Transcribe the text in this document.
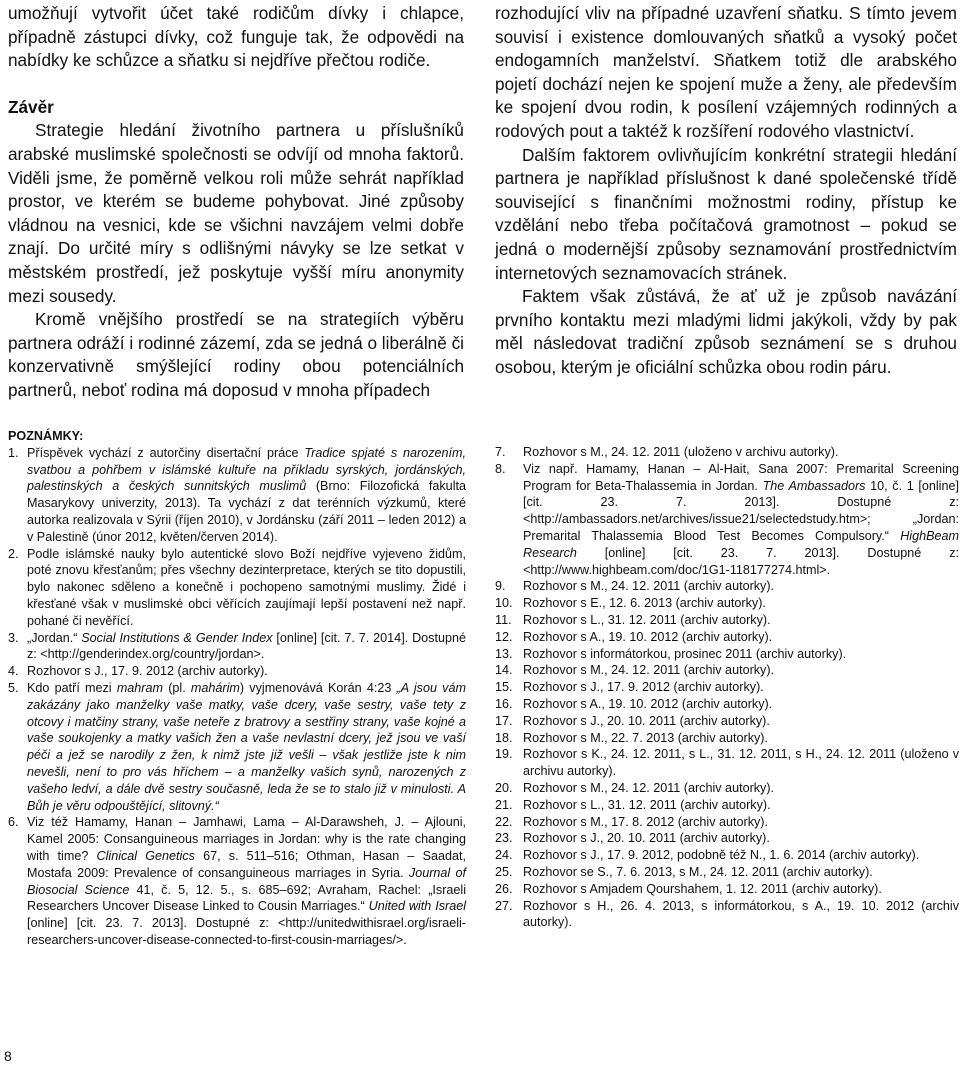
umožňují vytvořit účet také rodičům dívky i chlapce, případně zástupci dívky, což funguje tak, že odpovědi na nabídky ke schůzce a sňatku si nejdříve přečtou rodiče.

Závěr

Strategie hledání životního partnera u příslušníků arabské muslimské společnosti se odvíjí od mnoha faktorů. Viděli jsme, že poměrně velkou roli může sehrát například prostor, ve kterém se budeme pohybovat. Jiné způsoby vládnou na vesnici, kde se všichni navzájem velmi dobře znají. Do určité míry s odlišnými návyky se lze setkat v městském prostředí, jež poskytuje vyšší míru anonymity mezi sousedy.

Kromě vnějšího prostředí se na strategiích výběru partnera odráží i rodinné zázemí, zda se jedná o liberálně či konzervativně smýšlející rodiny obou potenciálních partnerů, neboť rodina má doposud v mnoha případech

rozhodující vliv na případné uzavření sňatku. S tímto jevem souvisí i existence domlouvaných sňatků a vysoký počet endogamních manželství. Sňatkem totiž dle arabského pojetí dochází nejen ke spojení muže a ženy, ale především ke spojení dvou rodin, k posílení vzájemných rodinných a rodových pout a taktéž k rozšíření rodového vlastnictví.

Dalším faktorem ovlivňujícím konkrétní strategii hledání partnera je například příslušnost k dané společenské třídě související s finančními možnostmi rodiny, přístup ke vzdělání nebo třeba počítačová gramotnost – pokud se jedná o modernější způsoby seznamování prostřednictvím internetových seznamovacích stránek.

Faktem však zůstává, že ať už je způsob navázání prvního kontaktu mezi mladými lidmi jakýkoli, vždy by pak měl následovat tradiční způsob seznámení se s druhou osobou, kterým je oficiální schůzka obou rodin páru.

POZNÁMKY:

1. Příspěvek vychází z autorčiny disertační práce Tradice spjaté s narozením, svatbou a pohřbem v islámské kultuře na příkladu syrských, jordánských, palestinských a českých sunnitských muslimů (Brno: Filozofická fakulta Masarykovy univerzity, 2013). Ta vychází z dat terénních výzkumů, které autorka realizovala v Sýrii (říjen 2010), v Jordánsku (září 2011 – leden 2012) a v Palestině (únor 2012, květen/červen 2014).

2. Podle islámské nauky bylo autentické slovo Boží nejdříve vyjeveno židům, poté znovu křesťanům; přes všechny dezinterpretace, kterých se tito dopustili, bylo nakonec sděleno a konečně i pochopeno samotnými muslimy. Židé i křesťané však v muslimské obci věřících zaujímají lepší postavení než např. pohané či nevěřící.

3. „Jordan.“ Social Institutions & Gender Index [online] [cit. 7. 7. 2014]. Dostupné z: <http://genderindex.org/country/jordan>.

4. Rozhovor s J., 17. 9. 2012 (archiv autorky).

5. Kdo patří mezi mahram (pl. mahárim) vyjmenovává Korán 4:23 „A jsou vám zakázány jako manželky vaše matky, vaše dcery, vaše sestry, vaše tety z otcovy i matčiny strany, vaše neteře z bratrovy a sestřiny strany, vaše kojné a vaše soukojenky a matky vašich žen a vaše nevlastní dcery, jež jsou ve vaší péči a jež se narodily z žen, k nimž jste již vešli – však jestliže jste k nim nevešli, není to pro vás hříchem – a manželky vašich synů, narozených z vašeho ledví, a dále dvě sestry současně, leda že se to stalo již v minulosti. A Bůh je věru odpouštějící, slitovný.“

6. Viz též Hamamy, Hanan – Jamhawi, Lama – Al-Darawsheh, J. – Ajlouni, Kamel 2005: Consanguineous marriages in Jordan: why is the rate changing with time? Clinical Genetics 67, s. 511–516; Othman, Hasan – Saadat, Mostafa 2009: Prevalence of consanguineous marriages in Syria. Journal of Biosocial Science 41, č. 5, 12. 5., s. 685–692; Avraham, Rachel: „Israeli Researchers Uncover Disease Linked to Cousin Marriages.“ United with Israel [online] [cit. 23. 7. 2013]. Dostupné z: <http://unitedwithisrael.org/israeli-researchers-uncover-disease-connected-to-first-cousin-marriages/>.

7. Rozhovor s M., 24. 12. 2011 (uloženo v archivu autorky).

8. Viz např. Hamamy, Hanan – Al-Hait, Sana 2007: Premarital Screening Program for Beta-Thalassemia in Jordan. The Ambassadors 10, č. 1 [online] [cit. 23. 7. 2013]. Dostupné z: <http://ambassadors.net/archives/issue21/selectedstudy.htm>; „Jordan: Premarital Thalassemia Blood Test Becomes Compulsory.“ HighBeam Research [online] [cit. 23. 7. 2013]. Dostupné z: <http://www.highbeam.com/doc/1G1-118177274.html>.

9. Rozhovor s M., 24. 12. 2011 (archiv autorky).

10. Rozhovor s E., 12. 6. 2013 (archiv autorky).

11. Rozhovor s L., 31. 12. 2011 (archiv autorky).

12. Rozhovor s A., 19. 10. 2012 (archiv autorky).

13. Rozhovor s informátorkou, prosinec 2011 (archiv autorky).

14. Rozhovor s M., 24. 12. 2011 (archiv autorky).

15. Rozhovor s J., 17. 9. 2012 (archiv autorky).

16. Rozhovor s A., 19. 10. 2012 (archiv autorky).

17. Rozhovor s J., 20. 10. 2011 (archiv autorky).

18. Rozhovor s M., 22. 7. 2013 (archiv autorky).

19. Rozhovor s K., 24. 12. 2011, s L., 31. 12. 2011, s H., 24. 12. 2011 (uloženo v archivu autorky).

20. Rozhovor s M., 24. 12. 2011 (archiv autorky).

21. Rozhovor s L., 31. 12. 2011 (archiv autorky).

22. Rozhovor s M., 17. 8. 2012 (archiv autorky).

23. Rozhovor s J., 20. 10. 2011 (archiv autorky).

24. Rozhovor s J., 17. 9. 2012, podobně též N., 1. 6. 2014 (archiv autorky).

25. Rozhovor se S., 7. 6. 2013, s M., 24. 12. 2011 (archiv autorky).

26. Rozhovor s Amjadem Qourshahem, 1. 12. 2011 (archiv autorky).

27. Rozhovor s H., 26. 4. 2013, s informátorkou, s A., 19. 10. 2012 (archiv autorky).

8
